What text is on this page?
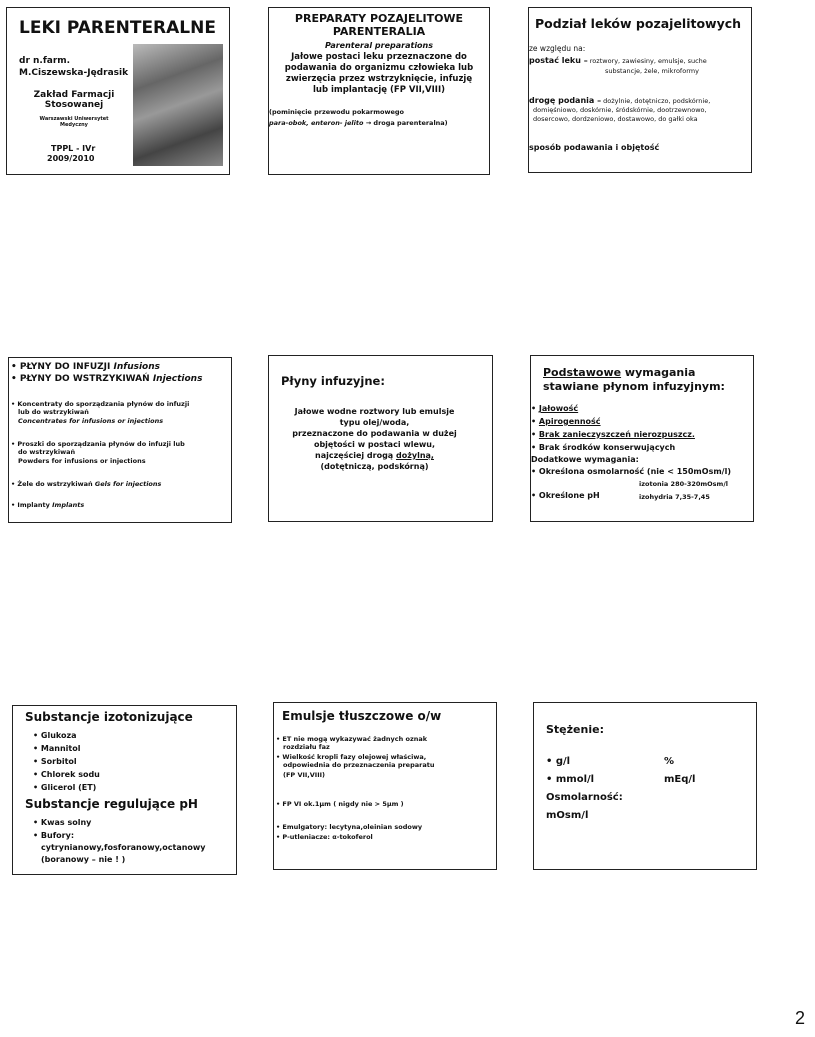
LEKI PARENTERALNE
dr n.farm.
M.Ciszewska-Jędrasik
Zakład Farmacji Stosowanej
Warszawski Uniwersytet Medyczny
TPPL - IVr
2009/2010

PREPARATY POZAJELITOWE

PARENTERALIA

Parenteral preparations

Jałowe postaci leku przeznaczone do

podawania do organizmu człowieka lub

zwierzęcia przez wstrzyknięcie, infuzję

lub implantację (FP VII,VIII)

(pominięcie przewodu pokarmowego

para-obok, enteron- jelito → droga parenteralna)

Podział leków pozajelitowych
ze względu na:
postać leku – roztwory, zawiesiny, emulsje, suche
substancje, żele, mikroformy
drogę podania – dożylnie, dotętniczo, podskórnie,
domięśniowo, doskórnie, śródskórnie, dootrzewnowo,
dosercowo, dordzeniowo, dostawowo, do gałki oka
sposób podawania i objętość
• PŁYNY DO INFUZJI Infusions
• PŁYNY DO WSTRZYKIWAŃ Injections
• Koncentraty do sporządzania płynów do infuzji
lub do wstrzykiwań
Concentrates for infusions or injections
• Proszki do sporządzania płynów do infuzji lub
do wstrzykiwań
Powders for infusions or injections
• Żele do wstrzykiwań Gels for injections
• Implanty Implants
Płyny infuzyjne:

Jałowe wodne roztwory lub emulsje

typu olej/woda,

przeznaczone do podawania w dużej

objętości w postaci wlewu,

najczęściej drogą dożylną,

(dotętniczą, podskórną)

Podstawowe wymagania
stawiane płynom infuzyjnym:
• Jałowość
• Apirogenność
• Brak zanieczyszczeń nierozpuszcz.
• Brak środków konserwujących
Dodatkowe wymagania:
• Określona osmolarność (nie < 150mOsm/l)
izotonia 280-320mOsm/l
• Określone pH	izohydria 7,35-7,45
Substancje izotonizujące
• Glukoza
• Mannitol
• Sorbitol
• Chlorek sodu
• Glicerol (ET)
Substancje regulujące pH
• Kwas solny
• Bufory:
cytrynianowy,fosforanowy,octanowy
(boranowy – nie ! )
Emulsje tłuszczowe o/w
• ET nie mogą wykazywać żadnych oznak
rozdziału faz
• Wielkość kropli fazy olejowej właściwa,
odpowiednia do przeznaczenia preparatu
(FP VII,VIII)
• FP VI ok.1μm ( nigdy nie > 5μm )
• Emulgatory: lecytyna,oleinian sodowy
• P-utleniacze: α-tokoferol
Stężenie:
• g/l	%
• mmol/l	mEq/l
Osmolarność:
mOsm/l
2
